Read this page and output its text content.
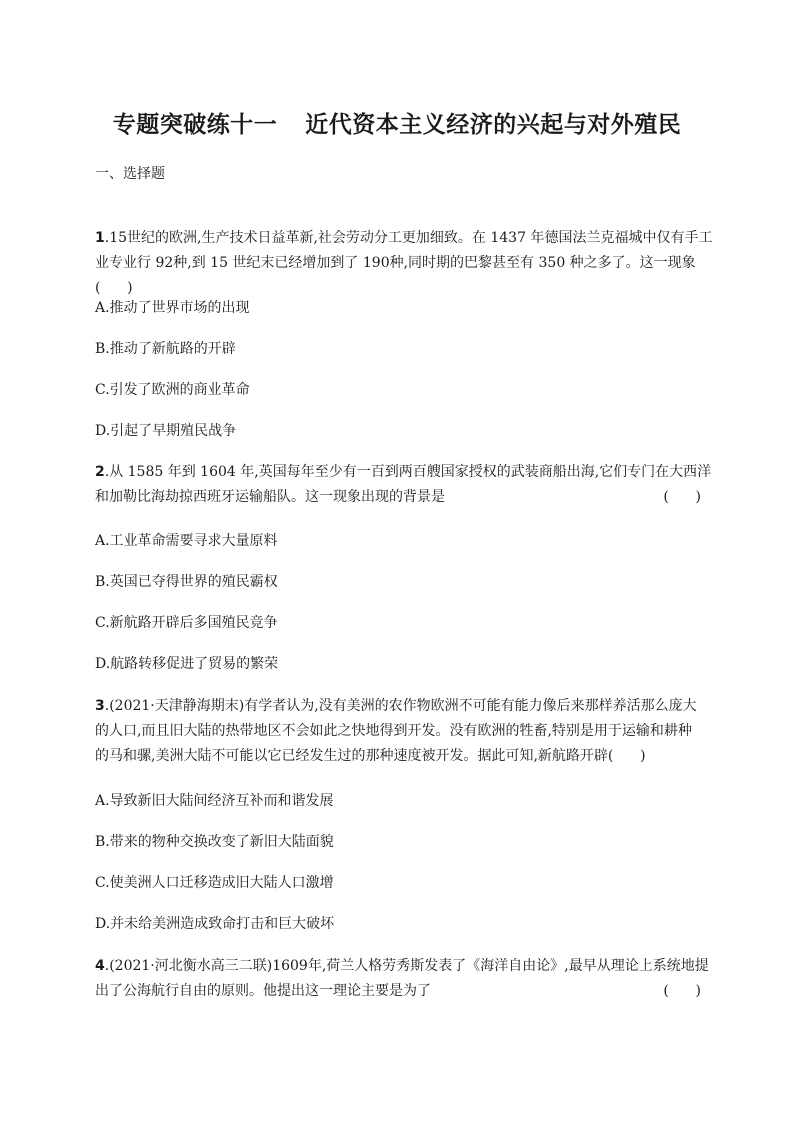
专题突破练十一 近代资本主义经济的兴起与对外殖民
一、选择题
1.15世纪的欧洲,生产技术日益革新,社会劳动分工更加细致。在 1437 年德国法兰克福城中仅有手工
业专业行 92种,到 15 世纪末已经增加到了 190种,同时期的巴黎甚至有 350 种之多了。这一现象
(      )
A.推动了世界市场的出现
B.推动了新航路的开辟
C.引发了欧洲的商业革命
D.引起了早期殖民战争
2.从 1585 年到 1604 年,英国每年至少有一百到两百艘国家授权的武装商船出海,它们专门在大西洋
和加勒比海劫掠西班牙运输船队。这一现象出现的背景是	(      )
A.工业革命需要寻求大量原料
B.英国已夺得世界的殖民霸权
C.新航路开辟后多国殖民竞争
D.航路转移促进了贸易的繁荣
3.(2021·天津静海期末)有学者认为,没有美洲的农作物欧洲不可能有能力像后来那样养活那么庞大
的人口,而且旧大陆的热带地区不会如此之快地得到开发。没有欧洲的牲畜,特别是用于运输和耕种
的马和骡,美洲大陆不可能以它已经发生过的那种速度被开发。据此可知,新航路开辟(      )
A.导致新旧大陆间经济互补而和谐发展
B.带来的物种交换改变了新旧大陆面貌
C.使美洲人口迁移造成旧大陆人口激增
D.并未给美洲造成致命打击和巨大破坏
4.(2021·河北衡水高三二联)1609年,荷兰人格劳秀斯发表了《海洋自由论》,最早从理论上系统地提
出了公海航行自由的原则。他提出这一理论主要是为了	(      )
